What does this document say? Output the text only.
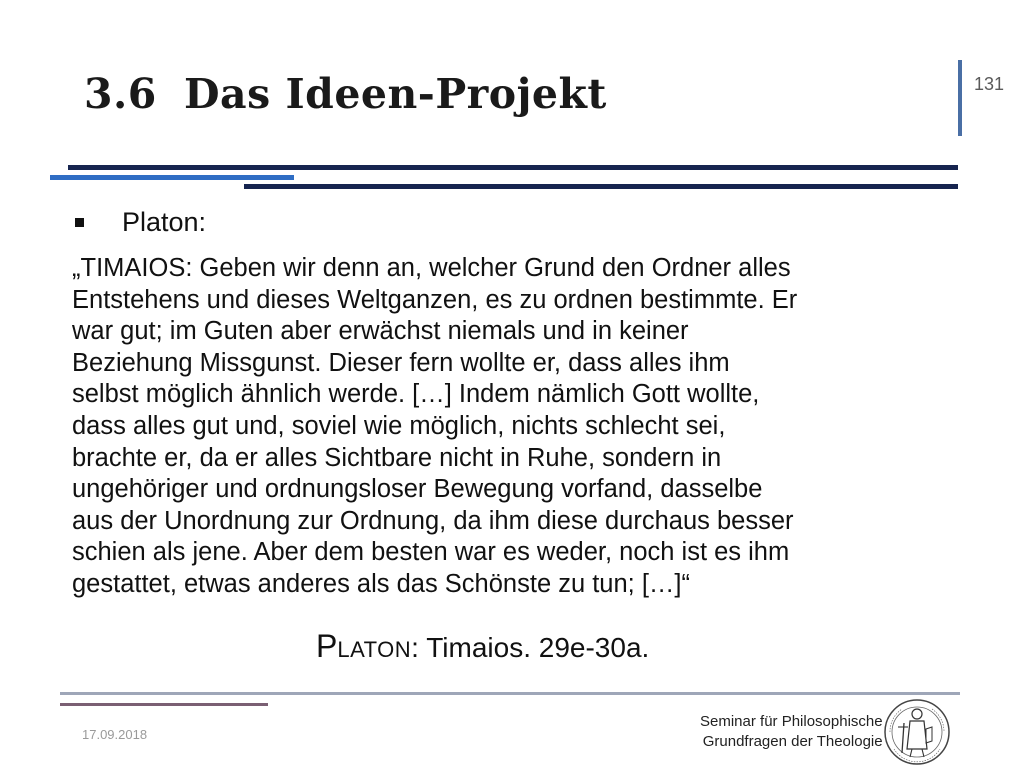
3.6 Das Ideen-Projekt	131
Platon:
„TIMAIOS: Geben wir denn an, welcher Grund den Ordner alles
Entstehens und dieses Weltganzen, es zu ordnen bestimmte. Er
war gut; im Guten aber erwächst niemals und in keiner
Beziehung Missgunst. Dieser fern wollte er, dass alles ihm
selbst möglich ähnlich werde. […] Indem nämlich Gott wollte,
dass alles gut und, soviel wie möglich, nichts schlecht sei,
brachte er, da er alles Sichtbare nicht in Ruhe, sondern in
ungehöriger und ordnungsloser Bewegung vorfand, dasselbe
aus der Unordnung zur Ordnung, da ihm diese durchaus besser
schien als jene. Aber dem besten war es weder, noch ist es ihm
gestattet, etwas anderes als das Schönste zu tun; […]“
PLATON: Timaios. 29e-30a.
17.09.2018
Seminar für Philosophische
Grundfragen der Theologie
